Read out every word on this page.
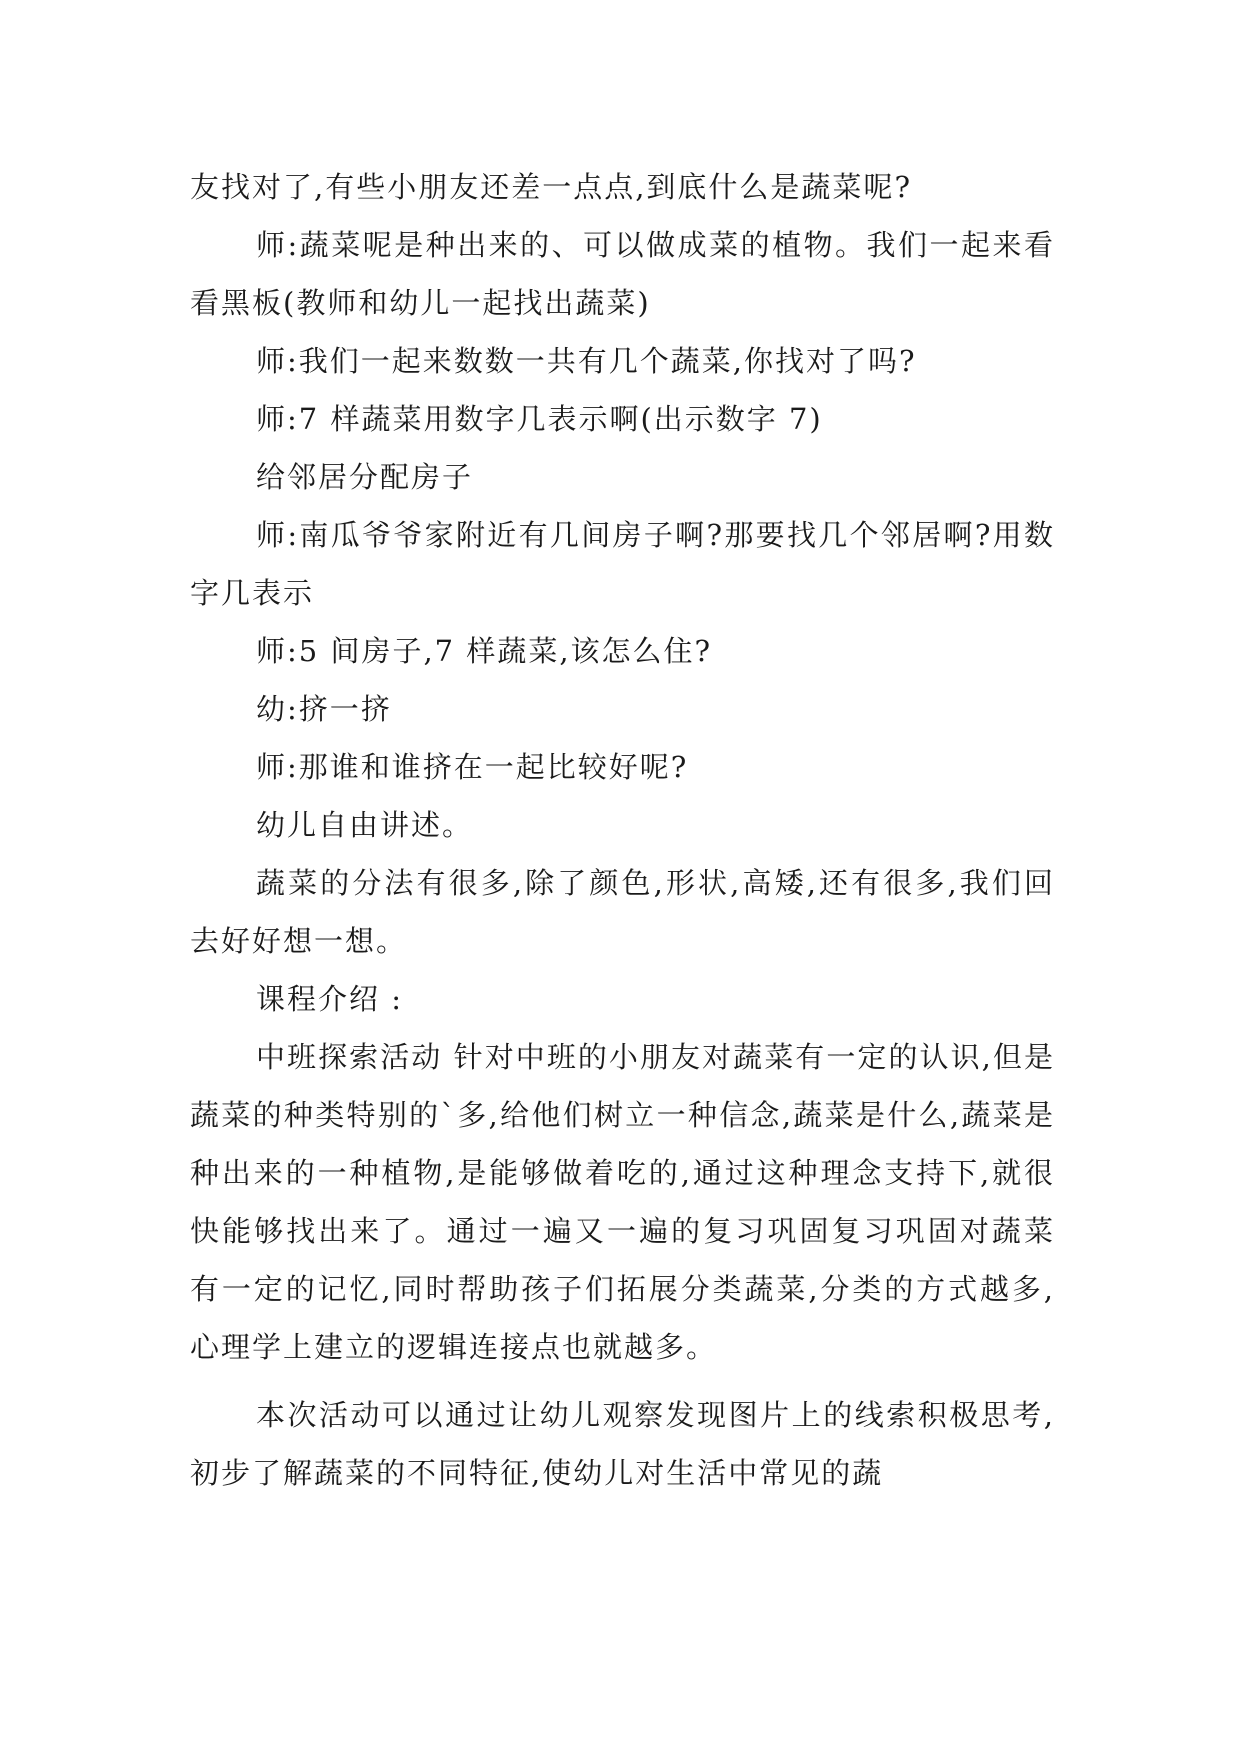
友找对了,有些小朋友还差一点点,到底什么是蔬菜呢?

师:蔬菜呢是种出来的、可以做成菜的植物。我们一起来看看黑板(教师和幼儿一起找出蔬菜)

师:我们一起来数数一共有几个蔬菜,你找对了吗?

师:7 样蔬菜用数字几表示啊(出示数字 7)

给邻居分配房子

师:南瓜爷爷家附近有几间房子啊?那要找几个邻居啊?用数字几表示

师:5 间房子,7 样蔬菜,该怎么住?

幼:挤一挤

师:那谁和谁挤在一起比较好呢?

幼儿自由讲述。

蔬菜的分法有很多,除了颜色,形状,高矮,还有很多,我们回去好好想一想。

课程介绍 :

中班探索活动 针对中班的小朋友对蔬菜有一定的认识,但是蔬菜的种类特别的`多,给他们树立一种信念,蔬菜是什么,蔬菜是种出来的一种植物,是能够做着吃的,通过这种理念支持下,就很快能够找出来了。通过一遍又一遍的复习巩固复习巩固对蔬菜有一定的记忆,同时帮助孩子们拓展分类蔬菜,分类的方式越多,心理学上建立的逻辑连接点也就越多。

本次活动可以通过让幼儿观察发现图片上的线索积极思考,初步了解蔬菜的不同特征,使幼儿对生活中常见的蔬
